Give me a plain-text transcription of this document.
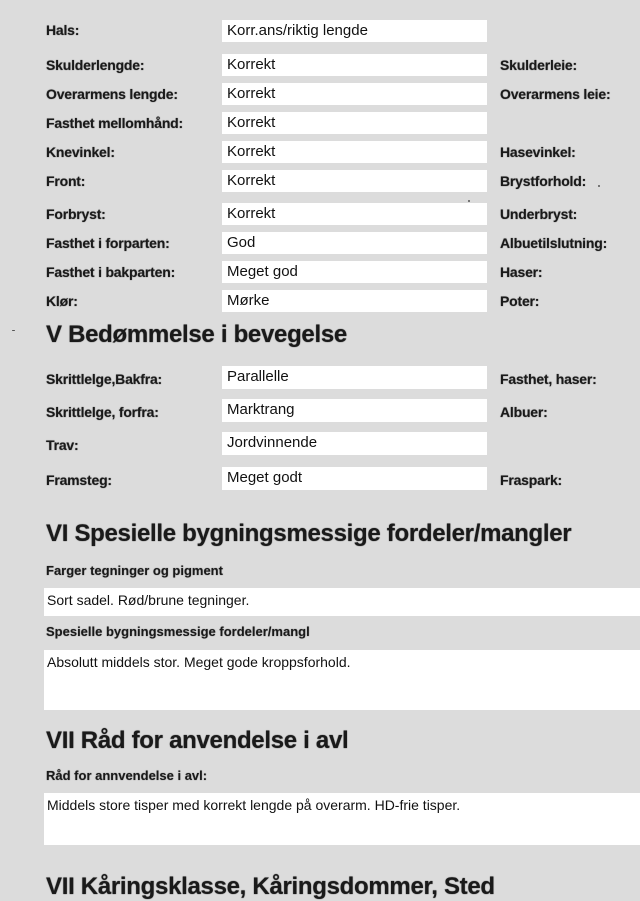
Hals:	Korr.ans/riktig lengde
Skulderlengde:	Korrekt	Skulderleie:
Overarmens lengde:	Korrekt	Overarmens leie:
Fasthet mellomhånd:	Korrekt
Knevinkel:	Korrekt	Hasevinkel:
Front:	Korrekt	Brystforhold:
Forbryst:	Korrekt	Underbryst:
Fasthet i forparten:	God	Albuetilslutning:
Fasthet i bakparten:	Meget god	Haser:
Klør:	Mørke	Poter:
V Bedømmelse i bevegelse
Skrittlelge,Bakfra:	Parallelle	Fasthet, haser:
Skrittlelge, forfra:	Marktrang	Albuer:
Trav:	Jordvinnende
Framsteg:	Meget godt	Fraspark:
VI Spesielle bygningsmessige fordeler/mangler
Farger tegninger og pigment
Sort sadel. Rød/brune tegninger.
Spesielle bygningsmessige fordeler/mangl
Absolutt middels stor. Meget gode kroppsforhold.
VII Råd for anvendelse i avl
Råd for annvendelse i avl:
Middels store tisper med korrekt lengde på overarm. HD-frie tisper.
VII Kåringsklasse, Kåringsdommer, Sted
